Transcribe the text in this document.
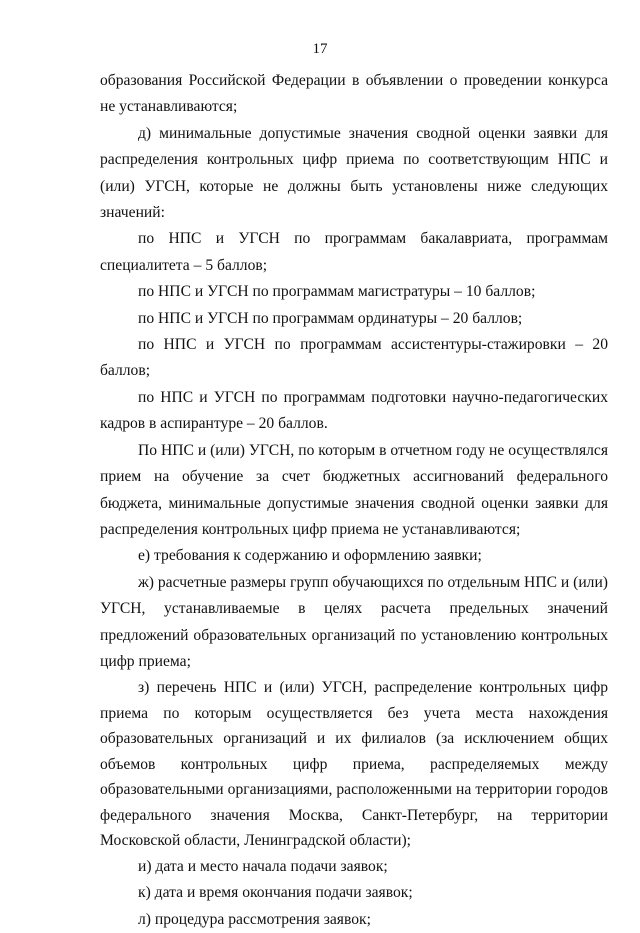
17

образования Российской Федерации в объявлении о проведении конкурса не устанавливаются;

д) минимальные допустимые значения сводной оценки заявки для распределения контрольных цифр приема по соответствующим НПС и (или) УГСН, которые не должны быть установлены ниже следующих значений:

по НПС и УГСН по программам бакалавриата, программам специалитета – 5 баллов;

по НПС и УГСН по программам магистратуры – 10 баллов;

по НПС и УГСН по программам ординатуры – 20 баллов;

по НПС и УГСН по программам ассистентуры-стажировки – 20 баллов;

по НПС и УГСН по программам подготовки научно-педагогических кадров в аспирантуре – 20 баллов.

По НПС и (или) УГСН, по которым в отчетном году не осуществлялся прием на обучение за счет бюджетных ассигнований федерального бюджета, минимальные допустимые значения сводной оценки заявки для распределения контрольных цифр приема не устанавливаются;

е) требования к содержанию и оформлению заявки;

ж) расчетные размеры групп обучающихся по отдельным НПС и (или) УГСН, устанавливаемые в целях расчета предельных значений предложений образовательных организаций по установлению контрольных цифр приема;

з) перечень НПС и (или) УГСН, распределение контрольных цифр приема по которым осуществляется без учета места нахождения образовательных организаций и их филиалов (за исключением общих объемов контрольных цифр приема, распределяемых между образовательными организациями, расположенными на территории городов федерального значения Москва, Санкт-Петербург, на территории Московской области, Ленинградской области);

и) дата и место начала подачи заявок;

к) дата и время окончания подачи заявок;

л) процедура рассмотрения заявок;
